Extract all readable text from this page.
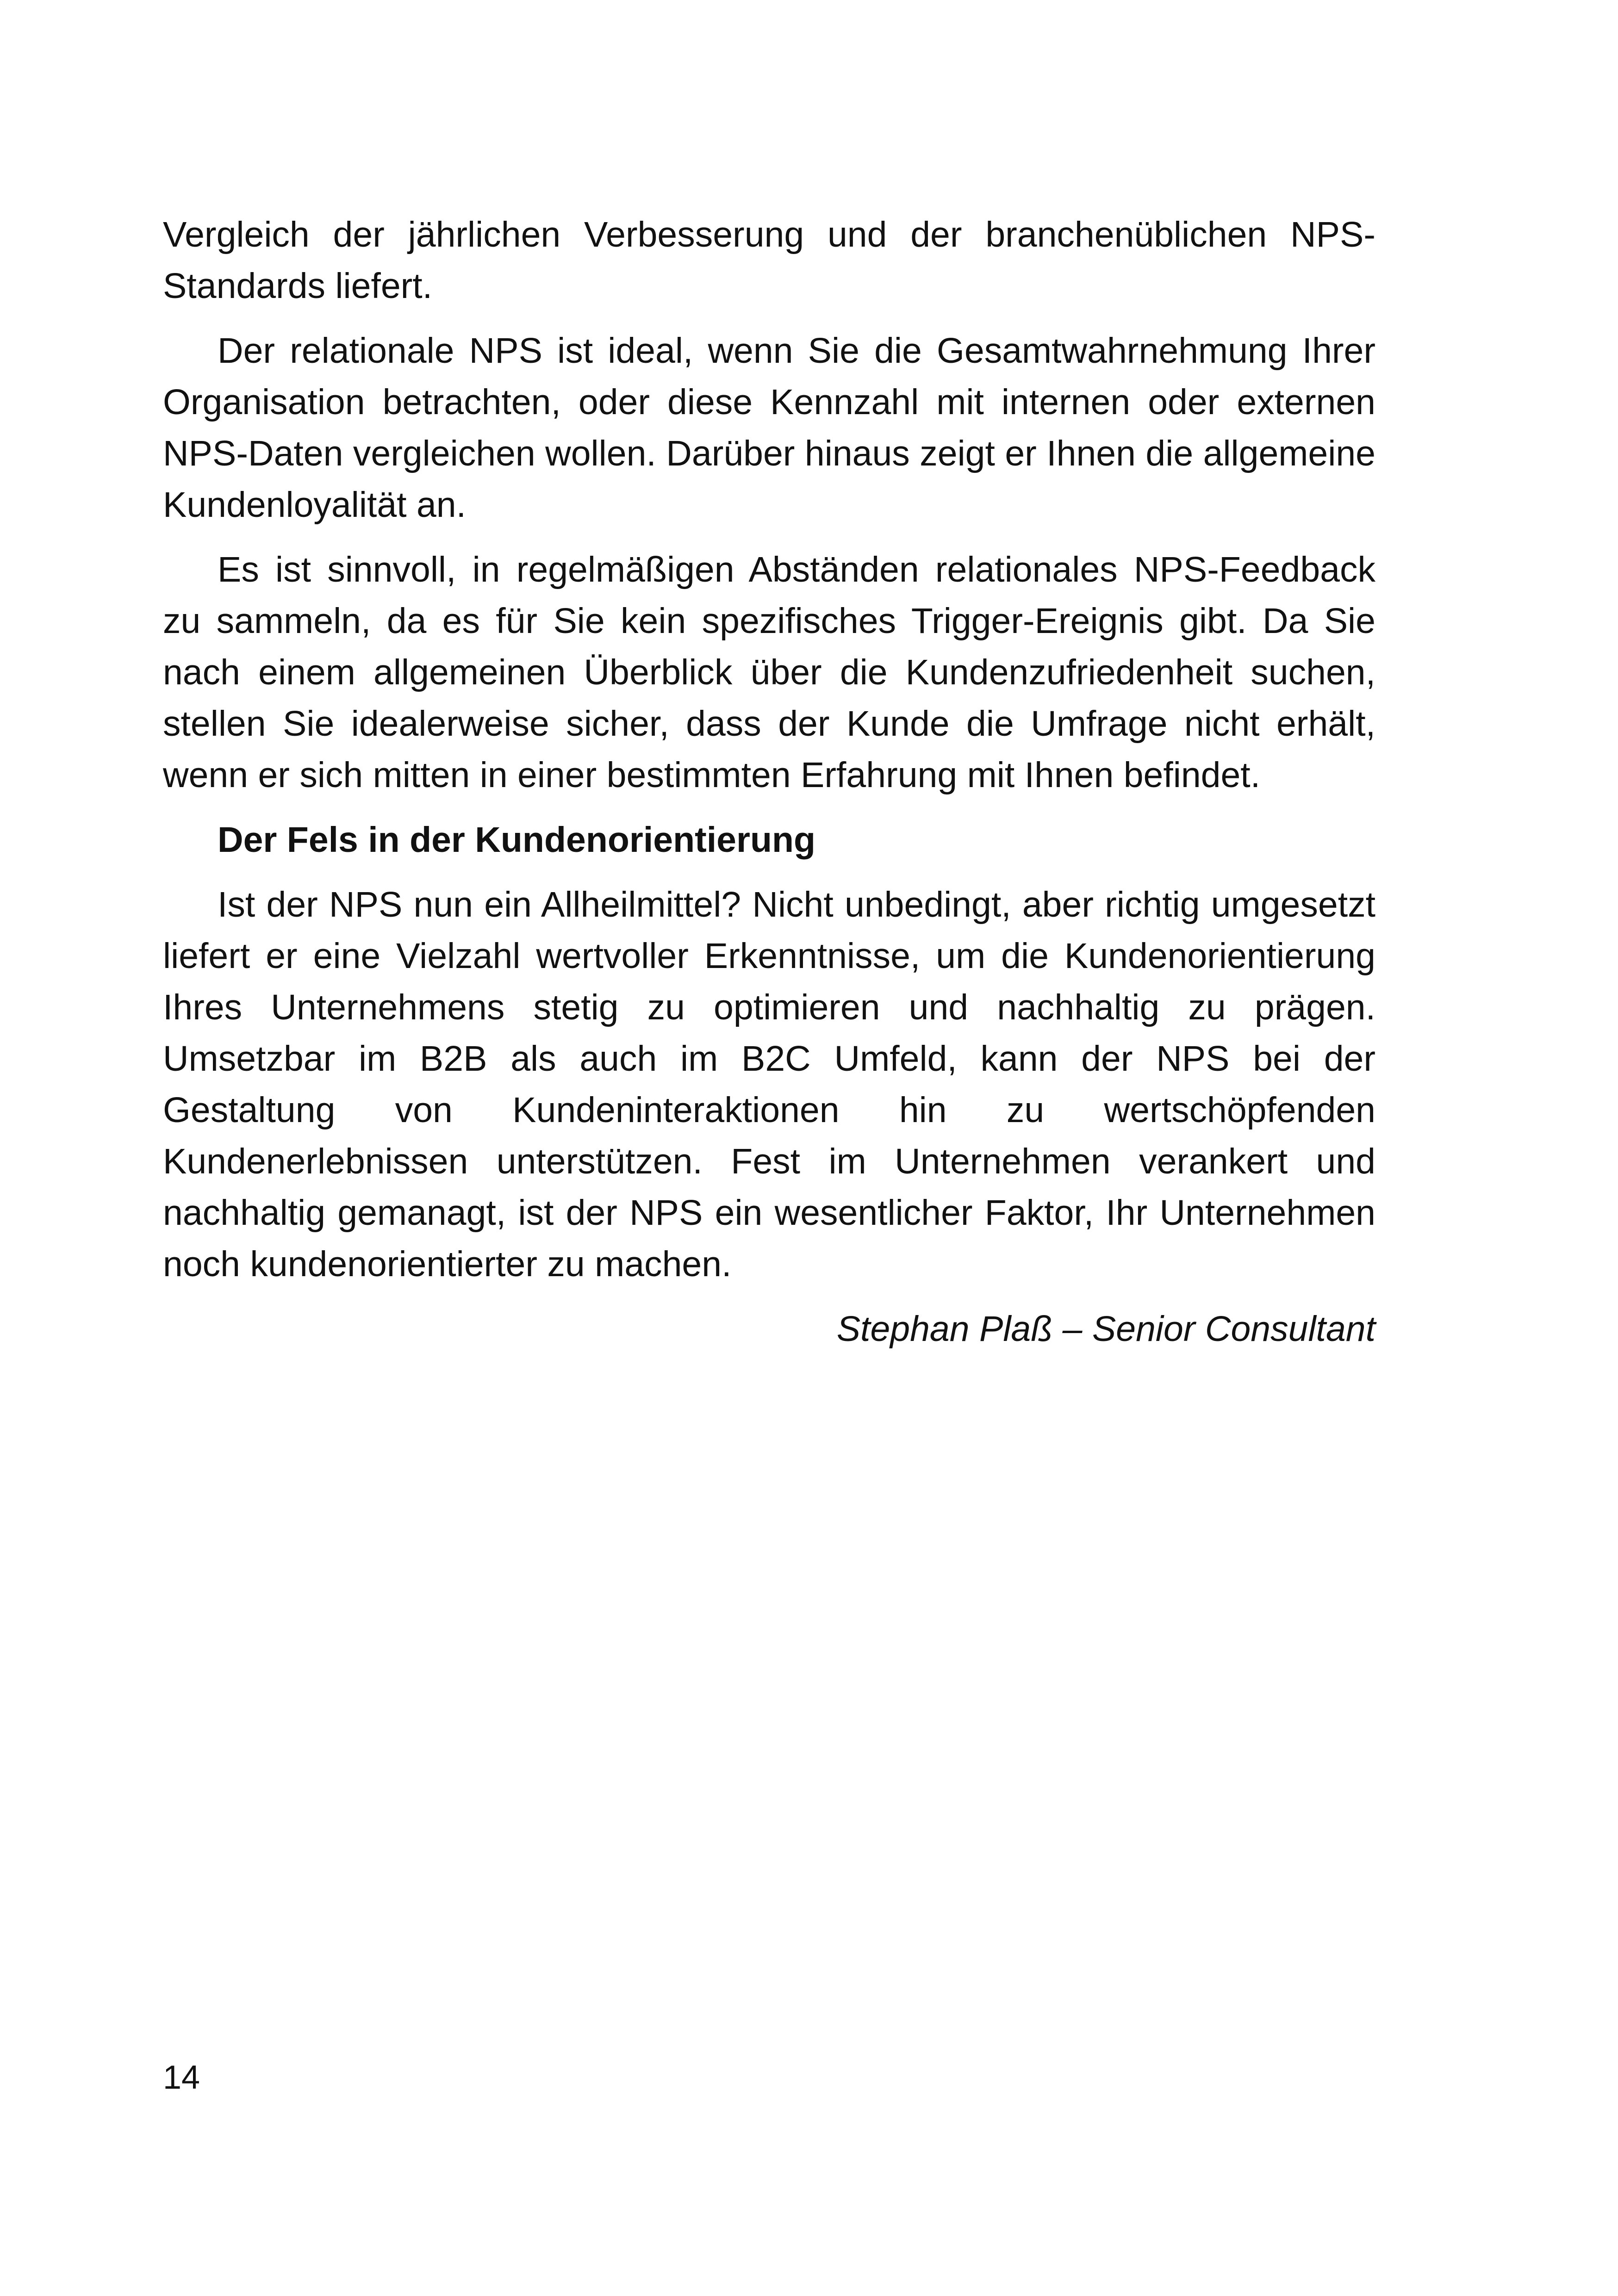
Vergleich der jährlichen Verbesserung und der branchenüblichen NPS-Standards liefert.

Der relationale NPS ist ideal, wenn Sie die Gesamtwahrnehmung Ihrer Organisation betrachten, oder diese Kennzahl mit internen oder externen NPS-Daten vergleichen wollen. Darüber hinaus zeigt er Ihnen die allgemeine Kundenloyalität an.

Es ist sinnvoll, in regelmäßigen Abständen relationales NPS-Feedback zu sammeln, da es für Sie kein spezifisches Trigger-Ereignis gibt. Da Sie nach einem allgemeinen Überblick über die Kundenzufriedenheit suchen, stellen Sie idealerweise sicher, dass der Kunde die Umfrage nicht erhält, wenn er sich mitten in einer bestimmten Erfahrung mit Ihnen befindet.

Der Fels in der Kundenorientierung

Ist der NPS nun ein Allheilmittel? Nicht unbedingt, aber richtig umgesetzt liefert er eine Vielzahl wertvoller Erkenntnisse, um die Kundenorientierung Ihres Unternehmens stetig zu optimieren und nachhaltig zu prägen. Umsetzbar im B2B als auch im B2C Umfeld, kann der NPS bei der Gestaltung von Kundeninteraktionen hin zu wertschöpfenden Kundenerlebnissen unterstützen. Fest im Unternehmen verankert und nachhaltig gemanagt, ist der NPS ein wesentlicher Faktor, Ihr Unternehmen noch kundenorientierter zu machen.

Stephan Plaß – Senior Consultant

14
